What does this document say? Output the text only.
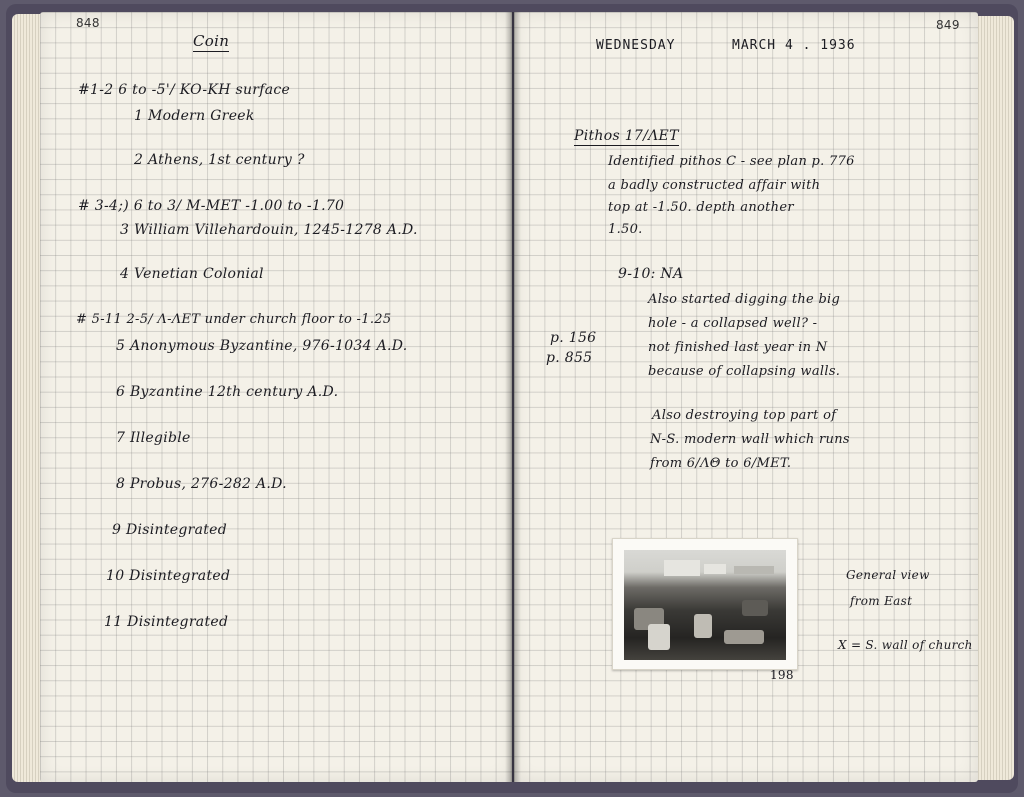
848
Coin
#1-2 6 to -5'/ KO-KH surface
1 Modern Greek
2 Athens, 1st century ?
# 3-4;) 6 to 3/ M-MET -1.00 to -1.70
3 William Villehardouin, 1245-1278 A.D.
4 Venetian Colonial
# 5-11 2-5/ Λ-ΛΕΤ under church floor to -1.25
5 Anonymous Byzantine, 976-1034 A.D.
6 Byzantine 12th century A.D.
7 Illegible
8 Probus, 276-282 A.D.
9 Disintegrated
10 Disintegrated
11 Disintegrated
849
WEDNESDAY	MARCH 4 . 1936
Pithos 17/ΛΕΤ
Identified pithos C - see plan p. 776
a badly constructed affair with
top at -1.50. depth another
1.50.
p. 156
p. 855
9-10: NA
Also started digging the big
hole - a collapsed well? -
not finished last year in N
because of collapsing walls.
Also destroying top part of
N-S. modern wall which runs
from 6/ΛΘ to 6/MET.
198
General view
from East
X = S. wall of church
